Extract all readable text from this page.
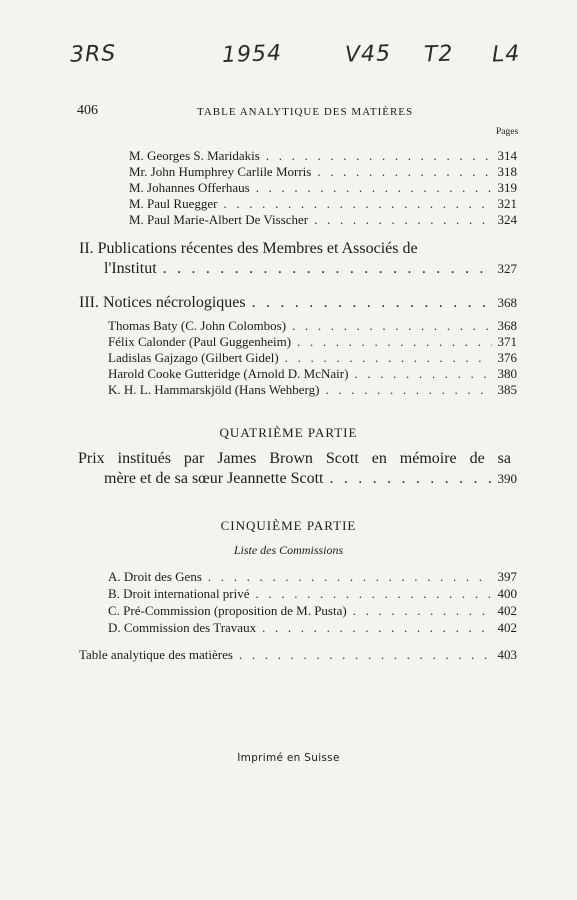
3RS	1954	V45 T2 L4
406	TABLE ANALYTIQUE DES MATIÈRES
Pages
M. Georges S. Maridakis . . .	314
Mr. John Humphrey Carlile Morris . . .	318
M. Johannes Offerhaus . . .	319
M. Paul Ruegger . . .	321
M. Paul Marie-Albert De Visscher . . .	324
II. Publications récentes des Membres et Associés de
l'Institut . . .	327
III. Notices nécrologiques . . .	368
Thomas Baty (C. John Colombos) . . .	368
Félix Calonder (Paul Guggenheim) . . .	371
Ladislas Gajzago (Gilbert Gidel) . . .	376
Harold Cooke Gutteridge (Arnold D. McNair) . . .	380
K. H. L. Hammarskjöld (Hans Wehberg) . . .	385
QUATRIÈME PARTIE
Prix institués par James Brown Scott en mémoire de sa
mère et de sa sœur Jeannette Scott . . .	390
CINQUIÈME PARTIE
Liste des Commissions
A. Droit des Gens . . .	397
B. Droit international privé . . .	400
C. Pré-Commission (proposition de M. Pusta) . . .	402
D. Commission des Travaux . . .	402
Table analytique des matières . . .	403
Imprimé en Suisse
